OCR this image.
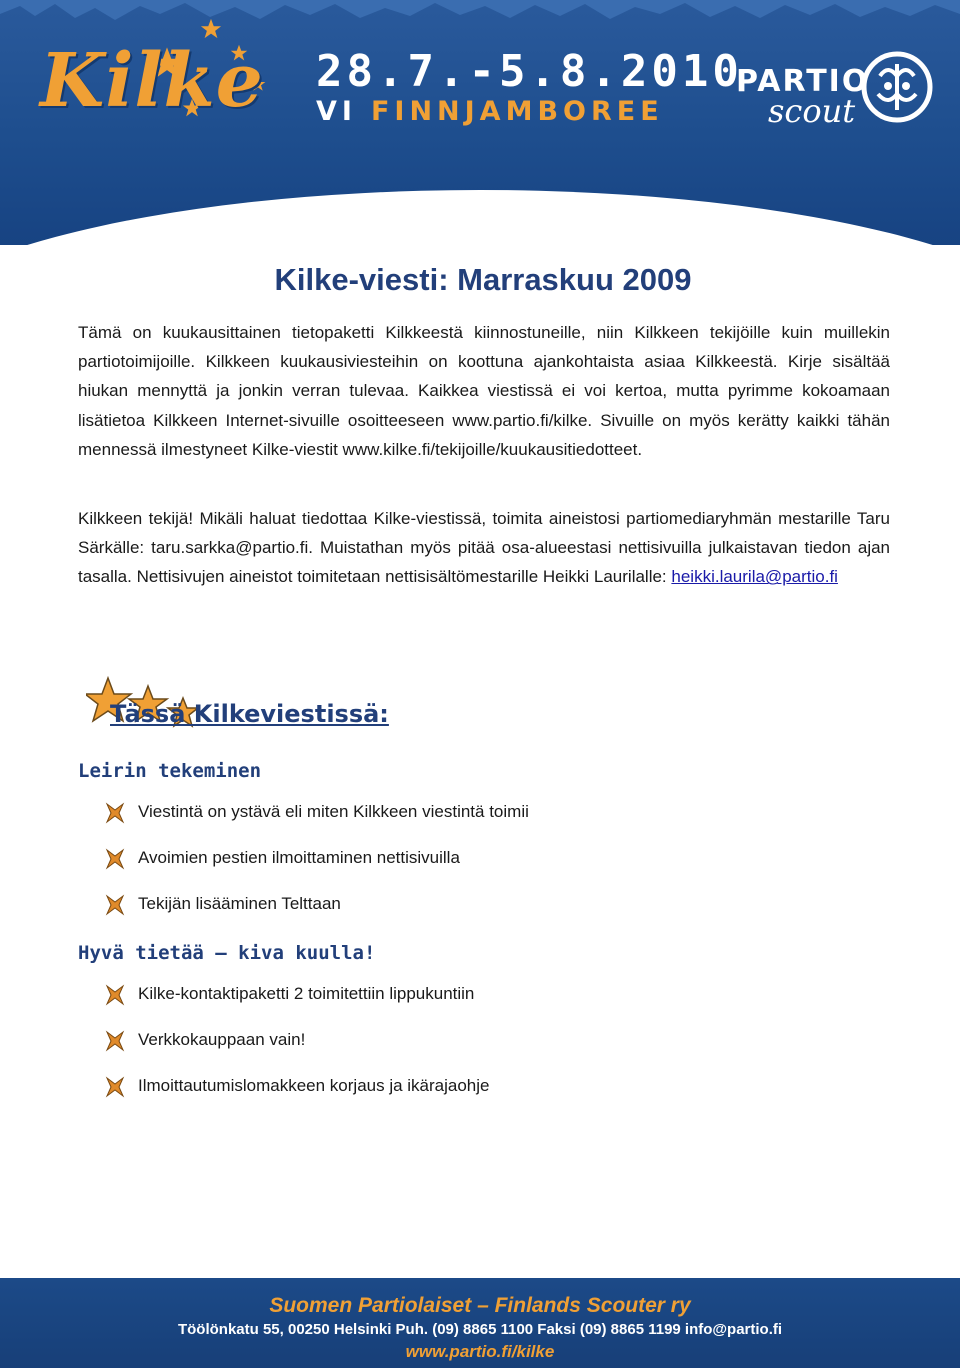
Kilke 28.7.-5.8.2010
VI FINNJAMBOREE
PARTIO
scout
Kilke-viesti: Marraskuu 2009

Tämä on kuukausittainen tietopaketti Kilkkeestä kiinnostuneille, niin Kilkkeen tekijöille kuin muillekin partiotoimijoille. Kilkkeen kuukausiviesteihin on koottuna ajankohtaista asiaa Kilkkeestä. Kirje sisältää hiukan mennyttä ja jonkin verran tulevaa. Kaikkea viestissä ei voi kertoa, mutta pyrimme kokoamaan lisätietoa Kilkkeen Internet-sivuille osoitteeseen www.partio.fi/kilke. Sivuille on myös kerätty kaikki tähän mennessä ilmestyneet Kilke-viestit www.kilke.fi/tekijoille/kuukausitiedotteet.

Kilkkeen tekijä! Mikäli haluat tiedottaa Kilke-viestissä, toimita aineistosi partiomediaryhmän mestarille Taru Särkälle: taru.sarkka@partio.fi. Muistathan myös pitää osa-alueestasi nettisivuilla julkaistavan tiedon ajan tasalla. Nettisivujen aineistot toimitetaan nettisisältömestarille Heikki Laurilalle: heikki.laurila@partio.fi

Tässä Kilkeviestissä:
Leirin tekeminen
Viestintä on ystävä eli miten Kilkkeen viestintä toimii
Avoimien pestien ilmoittaminen nettisivuilla
Tekijän lisääminen Telttaan
Hyvä tietää – kiva kuulla!
Kilke-kontaktipaketti 2 toimitettiin lippukuntiin
Verkkokauppaan vain!
Ilmoittautumislomakkeen korjaus ja ikärajaohje
Suomen Partiolaiset – Finlands Scouter ry
Töölönkatu 55, 00250 Helsinki Puh. (09) 8865 1100 Faksi (09) 8865 1199 info@partio.fi
www.partio.fi/kilke
